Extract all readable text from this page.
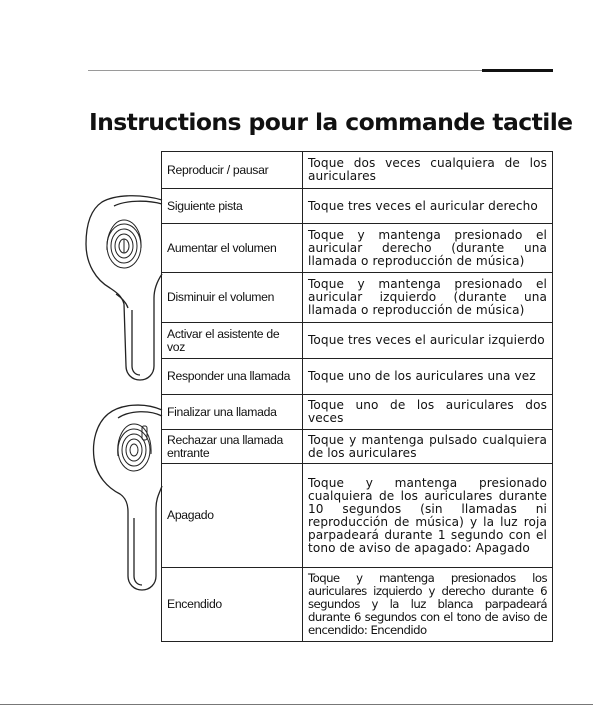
Instructions pour la commande tactile
Reproducir / pausar	Toque dos veces cualquiera de los auriculares
Siguiente pista	Toque tres veces el auricular derecho
Aumentar el volumen	Toque y mantenga presionado el auricular derecho (durante una llamada o reproducción de música)
Disminuir el volumen	Toque y mantenga presionado el auricular izquierdo (durante una llamada o reproducción de música)
Activar el asistente de voz	Toque tres veces el auricular izquierdo
Responder una llamada	Toque uno de los auriculares una vez
Finalizar una llamada	Toque uno de los auriculares dos veces
Rechazar una llamada entrante	Toque y mantenga pulsado cualquiera de los auriculares
Apagado	Toque y mantenga presionado cualquiera de los auriculares durante 10 segundos (sin llamadas ni reproducción de música) y la luz roja parpadeará durante 1 segundo con el tono de aviso de apagado: Apagado
Encendido	Toque y mantenga presionados los auriculares izquierdo y derecho durante 6 segundos y la luz blanca parpadeará durante 6 segundos con el tono de aviso de encendido: Encendido
